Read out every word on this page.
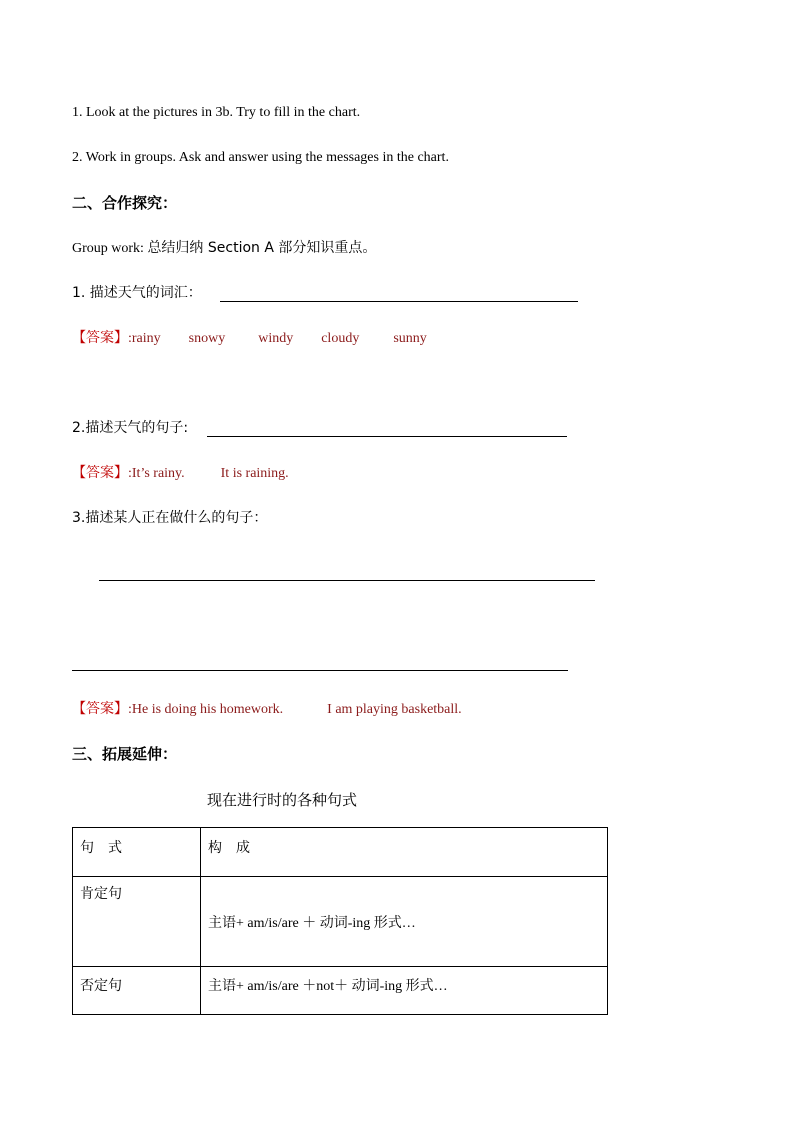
1. Look at the pictures in 3b. Try to fill in the chart.
2. Work in groups. Ask and answer using the messages in the chart.
二、合作探究：
Group work: 总结归纳 Section A 部分知识重点。
1. 描述天气的词汇：
【答案】:rainy snowy windy cloudy sunny
2.描述天气的句子:
【答案】:It’s rainy.	It is raining.
3.描述某人正在做什么的句子：
【答案】:He is doing his homework.	I am playing basketball.
三、拓展延伸：
现在进行时的各种句式
句　式	构　成
肯定句	主语+ am/is/are ＋ 动词-ing 形式…
否定句	主语+ am/is/are ＋not＋ 动词-ing 形式…
